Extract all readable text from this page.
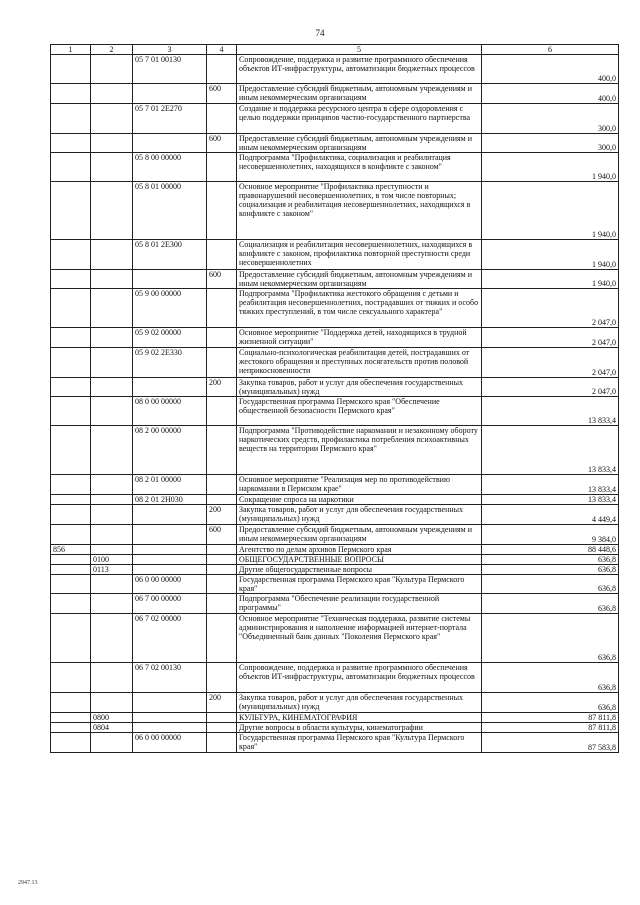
74
1	2	3	4	5	6
		05 7 01 00130		Сопровождение, поддержка и развитие программного обеспечения объектов ИТ-инфраструктуры, автоматизации бюджетных процессов	400,0
			600	Предоставление субсидий бюджетным, автономным учреждениям и иным некоммерческим организациям	400,0
		05 7 01 2Е270		Создание и поддержка ресурсного центра в сфере оздоровления с целью поддержки принципов частно-государственного партнерства	300,0
			600	Предоставление субсидий бюджетным, автономным учреждениям и иным некоммерческим организациям	300,0
		05 8 00 00000		Подпрограмма "Профилактика, социализация и реабилитация несовершеннолетних, находящихся в конфликте с законом"	1 940,0
		05 8 01 00000		Основное мероприятие "Профилактика преступности и правонарушений несовершеннолетних, в том числе повторных; социализация и реабилитация несовершеннолетних, находящихся в конфликте с законом"	1 940,0
		05 8 01 2Е300		Социализация и реабилитация несовершеннолетних, находящихся в конфликте с законом, профилактика повторной преступности среди несовершеннолетних	1 940,0
			600	Предоставление субсидий бюджетным, автономным учреждениям и иным некоммерческим организациям	1 940,0
		05 9 00 00000		Подпрограмма "Профилактика жестокого обращения с детьми и реабилитация несовершеннолетних, пострадавших от тяжких и особо тяжких преступлений, в том числе сексуального характера"	2 047,0
		05 9 02 00000		Основное мероприятие "Поддержка детей, находящихся в трудной жизненной ситуации"	2 047,0
		05 9 02 2Е330		Социально-психологическая реабилитация детей, пострадавших от жестокого обращения и преступных посягательств против половой неприкосновенности	2 047,0
			200	Закупка товаров, работ и услуг для обеспечения государственных (муниципальных) нужд	2 047,0
		08 0 00 00000		Государственная программа Пермского края "Обеспечение общественной безопасности Пермского края"	13 833,4
		08 2 00 00000		Подпрограмма "Противодействие наркомании и незаконному обороту наркотических средств, профилактика потребления психоактивных веществ на территории Пермского края"	13 833,4
		08 2 01 00000		Основное мероприятие "Реализация мер по противодействию наркомании в Пермском крае"	13 833,4
		08 2 01 2Н030		Сокращение спроса на наркотики	13 833,4
			200	Закупка товаров, работ и услуг для обеспечения государственных (муниципальных) нужд	4 449,4
			600	Предоставление субсидий бюджетным, автономным учреждениям и иным некоммерческим организациям	9 384,0
856				Агентство по делам архивов Пермского края	88 448,6
	0100			ОБЩЕГОСУДАРСТВЕННЫЕ ВОПРОСЫ	636,8
	0113			Другие общегосударственные вопросы	636,8
		06 0 00 00000		Государственная программа Пермского края "Культура Пермского края"	636,8
		06 7 00 00000		Подпрограмма "Обеспечение реализации государственной программы"	636,8
		06 7 02 00000		Основное мероприятие "Техническая поддержка, развитие системы администрирования и наполнение информацией интернет-портала "Объединенный банк данных "Поколения Пермского края"	636,8
		06 7 02 00130		Сопровождение, поддержка и развитие программного обеспечения объектов ИТ-инфраструктуры, автоматизации бюджетных процессов	636,8
			200	Закупка товаров, работ и услуг для обеспечения государственных (муниципальных) нужд	636,8
	0800			КУЛЬТУРА, КИНЕМАТОГРАФИЯ	87 811,8
	0804			Другие вопросы в области культуры, кинематографии	87 811,8
		06 0 00 00000		Государственная программа Пермского края "Культура Пермского края"	87 583,8
2947.13
